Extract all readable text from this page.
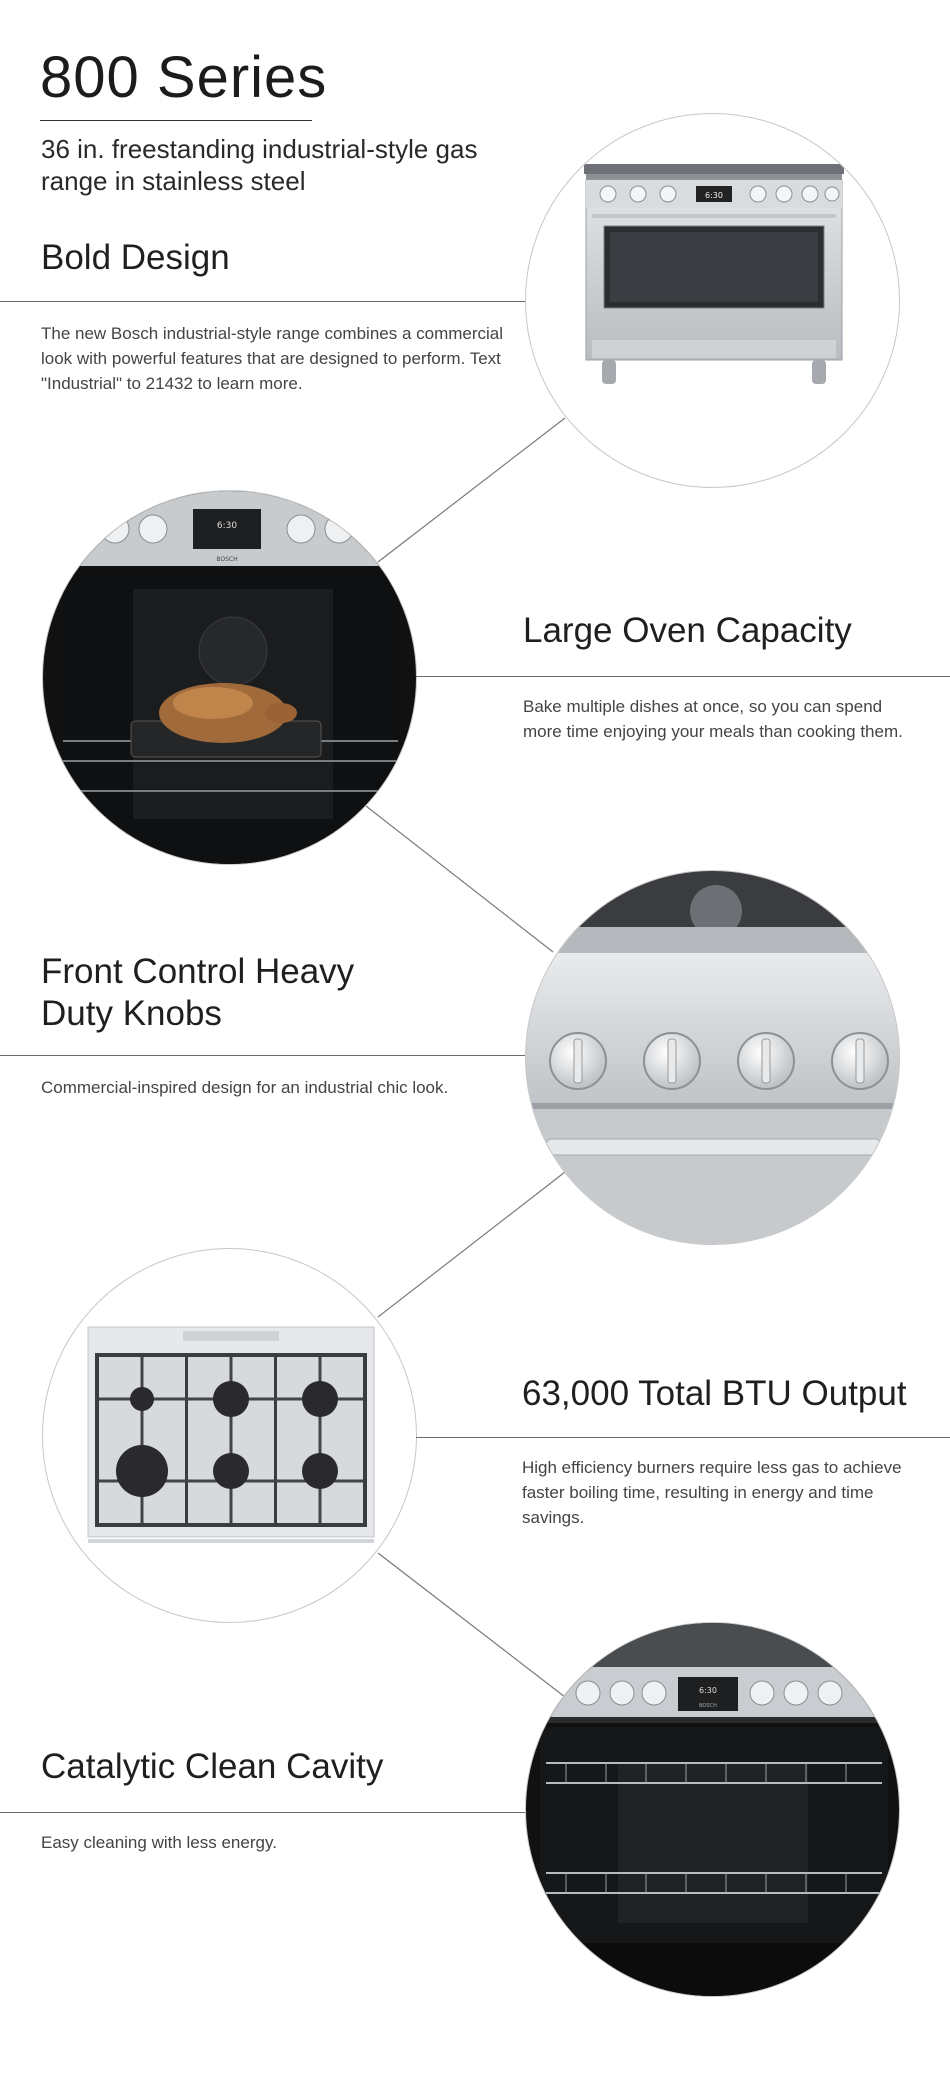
800 Series
36 in. freestanding industrial-style gas range in stainless steel
Bold Design
The new Bosch industrial-style range combines a commercial look with powerful features that are designed to perform. Text "Industrial" to 21432 to learn more.
6:30
6:30
BOSCH
Large Oven Capacity
Bake multiple dishes at once, so you can spend more time enjoying your meals than cooking them.
Front Control Heavy Duty Knobs
Commercial-inspired design for an industrial chic look.
63,000 Total BTU Output
High efficiency burners require less gas to achieve faster boiling time, resulting in energy and time savings.
Catalytic Clean Cavity
Easy cleaning with less energy.
6:30
BOSCH
